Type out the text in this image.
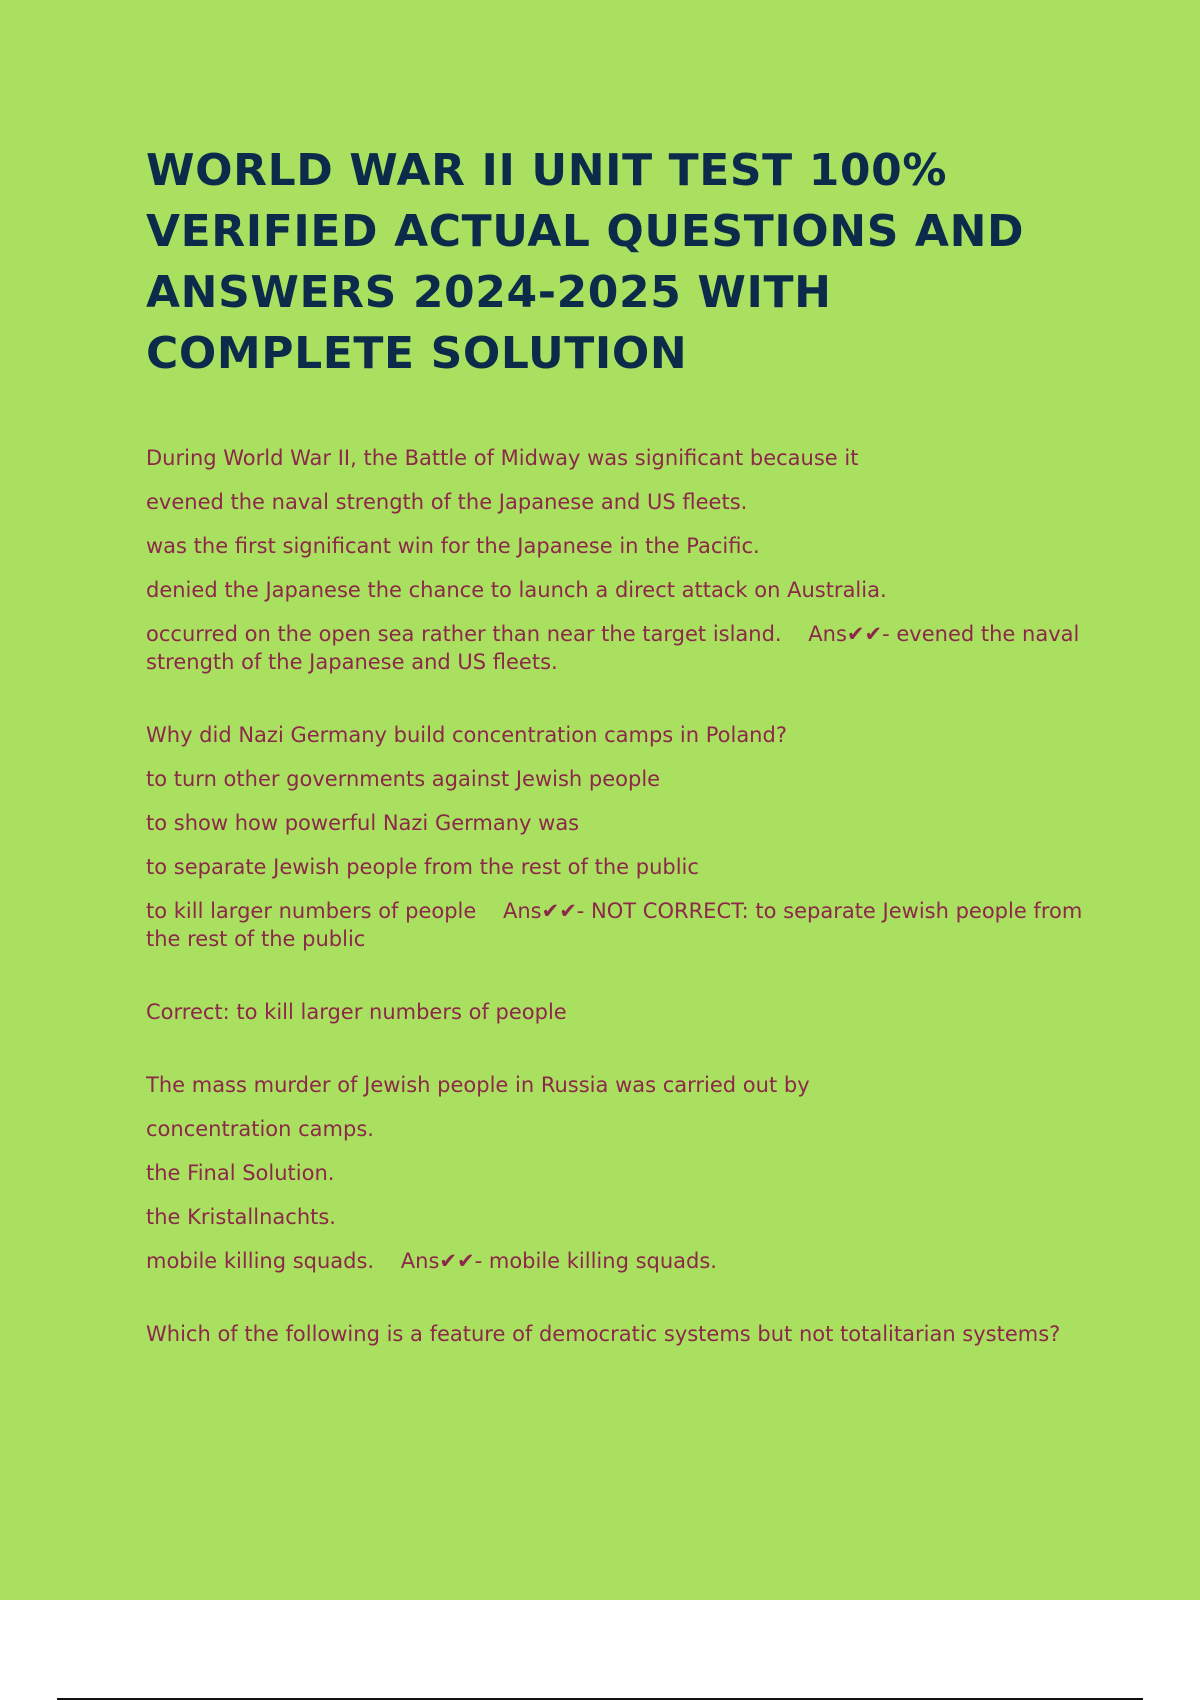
WORLD WAR II UNIT TEST 100% VERIFIED ACTUAL QUESTIONS AND ANSWERS 2024-2025 WITH COMPLETE SOLUTION
During World War II, the Battle of Midway was significant because it
evened the naval strength of the Japanese and US fleets.
was the first significant win for the Japanese in the Pacific.
denied the Japanese the chance to launch a direct attack on Australia.
occurred on the open sea rather than near the target island.    Ans✔✔- evened the naval strength of the Japanese and US fleets.
Why did Nazi Germany build concentration camps in Poland?
to turn other governments against Jewish people
to show how powerful Nazi Germany was
to separate Jewish people from the rest of the public
to kill larger numbers of people    Ans✔✔- NOT CORRECT: to separate Jewish people from the rest of the public
Correct: to kill larger numbers of people
The mass murder of Jewish people in Russia was carried out by
concentration camps.
the Final Solution.
the Kristallnachts.
mobile killing squads.    Ans✔✔- mobile killing squads.
Which of the following is a feature of democratic systems but not totalitarian systems?
